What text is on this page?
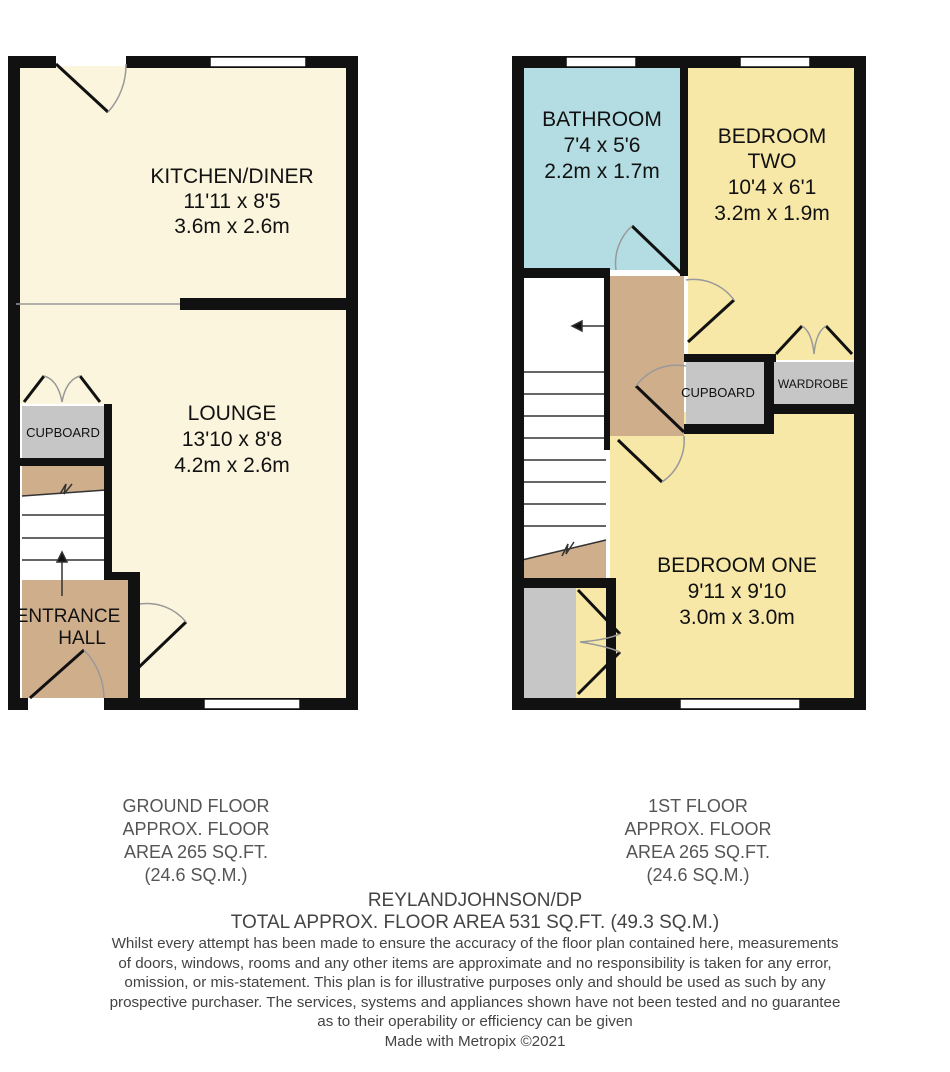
KITCHEN/DINER
11'11 x 8'5
3.6m x 2.6m
LOUNGE
13'10 x 8'8
4.2m x 2.6m
CUPBOARD
ENTRANCE
HALL
BATHROOM
7'4 x 5'6
2.2m x 1.7m
BEDROOM
TWO
10'4 x 6'1
3.2m x 1.9m
CUPBOARD
WARDROBE
BEDROOM ONE
9'11 x 9'10
3.0m x 3.0m
GROUND FLOOR
APPROX. FLOOR
AREA 265 SQ.FT.
(24.6 SQ.M.)
1ST FLOOR
APPROX. FLOOR
AREA 265 SQ.FT.
(24.6 SQ.M.)
REYLANDJOHNSON/DP
TOTAL APPROX. FLOOR AREA 531 SQ.FT. (49.3 SQ.M.)
Whilst every attempt has been made to ensure the accuracy of the floor plan contained here, measurements
of doors, windows, rooms and any other items are approximate and no responsibility is taken for any error,
omission, or mis-statement. This plan is for illustrative purposes only and should be used as such by any
prospective purchaser. The services, systems and appliances shown have not been tested and no guarantee
as to their operability or efficiency can be given
Made with Metropix ©2021
